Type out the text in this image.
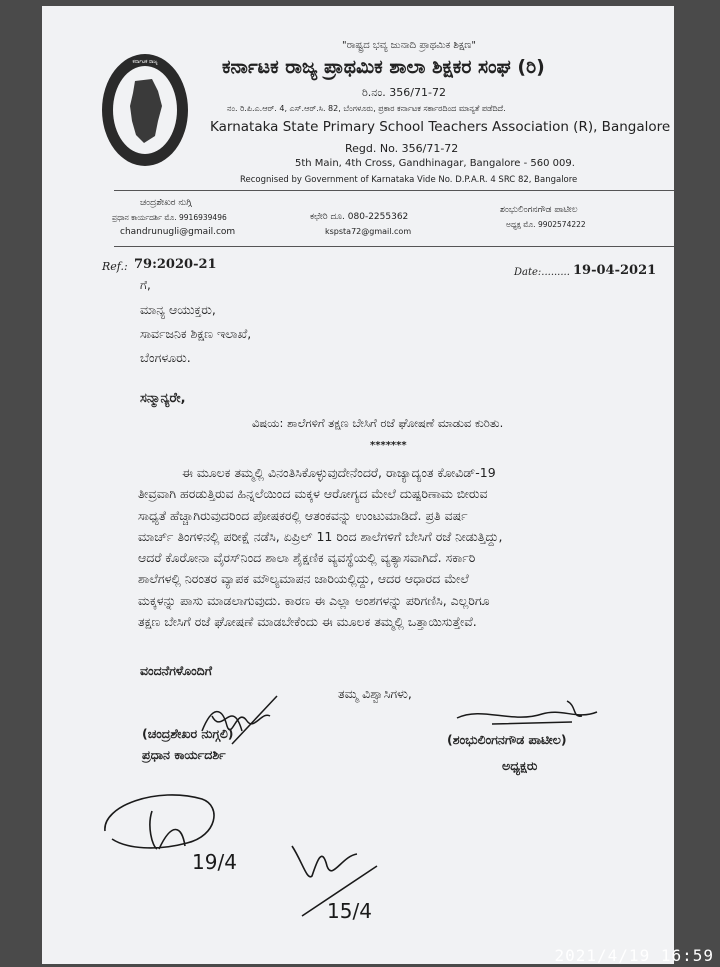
ಕರ್ನಾಟಕ ರಾಜ್ಯ
"ರಾಷ್ಟ್ರದ ಭವ್ಯ ಜುನಾದಿ ಪ್ರಾಥಮಿಕ ಶಿಕ್ಷಣ"
ಕರ್ನಾಟಕ ರಾಜ್ಯ ಪ್ರಾಥಮಿಕ ಶಾಲಾ ಶಿಕ್ಷಕರ ಸಂಘ (ರಿ)
ರಿ.ನಂ. 356/71-72
ನಂ. ರಿ.ಪಿ.ಎ.ಆರ್. 4, ಎಸ್.ಆರ್.ಸಿ. 82, ಬೆಂಗಳೂರು, ಪ್ರಕಾರ ಕರ್ನಾಟಕ ಸರ್ಕಾರದಿಂದ ಮಾನ್ಯತೆ ಪಡೆದಿದೆ.
Karnataka State Primary School Teachers Association (R), Bangalore
Regd. No. 356/71-72
5th Main, 4th Cross, Gandhinagar, Bangalore - 560 009.
Recognised by Government of Karnataka Vide No. D.P.A.R. 4 SRC 82, Bangalore
ಚಂದ್ರಶೇಖರ ನುಗ್ಗಿ
ಪ್ರಧಾನ ಕಾರ್ಯದರ್ಶಿ ಮೊ. 9916939496
chandrunugli@gmail.com
ಕಛೇರಿ ದೂ. 080-2255362
kspsta72@gmail.com
ಶಂಭುಲಿಂಗನಗೌಡ ಪಾಟೀಲ
ಅಧ್ಯಕ್ಷ ಮೊ. 9902574222
Ref.: 79:2020-21
Date:......... 19-04-2021
ಗೆ,
ಮಾನ್ಯ ಆಯುಕ್ತರು,
ಸಾರ್ವಜನಿಕ ಶಿಕ್ಷಣ ಇಲಾಖೆ,
ಬೆಂಗಳೂರು.
ಸನ್ಮಾನ್ಯರೇ,
ವಿಷಯ: ಶಾಲೆಗಳಿಗೆ ತಕ್ಷಣ ಬೇಸಿಗೆ ರಜೆ ಘೋಷಣೆ ಮಾಡುವ ಕುರಿತು.
*******
ಈ ಮೂಲಕ ತಮ್ಮಲ್ಲಿ ವಿನಂತಿಸಿಕೊಳ್ಳುವುದೇನೆಂದರೆ, ರಾಜ್ಯಾದ್ಯಂತ ಕೋವಿಡ್-19
ತೀವ್ರವಾಗಿ ಹರಡುತ್ತಿರುವ ಹಿನ್ನಲೆಯಿಂದ ಮಕ್ಕಳ ಆರೋಗ್ಯದ ಮೇಲೆ ದುಷ್ಪರಿಣಾಮ ಬೀರುವ
ಸಾಧ್ಯತೆ ಹೆಚ್ಚಾಗಿರುವುದರಿಂದ ಪೋಷಕರಲ್ಲಿ ಆತಂಕವನ್ನು ಉಂಟುಮಾಡಿದೆ. ಪ್ರತಿ ವರ್ಷ
ಮಾರ್ಚ್ ತಿಂಗಳಿನಲ್ಲಿ ಪರೀಕ್ಷೆ ನಡೆಸಿ, ಏಪ್ರಿಲ್ 11 ರಿಂದ ಶಾಲೆಗಳಿಗೆ ಬೇಸಿಗೆ ರಜೆ ನೀಡುತ್ತಿದ್ದು,
ಆದರೆ ಕೊರೋನಾ ವೈರಸ್‌ನಿಂದ ಶಾಲಾ ಶೈಕ್ಷಣಿಕ ವ್ಯವಸ್ಥೆಯಲ್ಲಿ ವ್ಯತ್ಯಾಸವಾಗಿದೆ. ಸರ್ಕಾರಿ
ಶಾಲೆಗಳಲ್ಲಿ ನಿರಂತರ ವ್ಯಾಪಕ ಮೌಲ್ಯಮಾಪನ ಜಾರಿಯಲ್ಲಿದ್ದು, ಆದರ ಆಧಾರದ ಮೇಲೆ
ಮಕ್ಕಳನ್ನು ಪಾಸು ಮಾಡಲಾಗುವುದು. ಕಾರಣ ಈ ಎಲ್ಲಾ ಅಂಶಗಳನ್ನು ಪರಿಗಣಿಸಿ, ಎಲ್ಲರಿಗೂ
ತಕ್ಷಣ ಬೇಸಿಗೆ ರಜೆ ಘೋಷಣೆ ಮಾಡಬೇಕೆಂದು ಈ ಮೂಲಕ ತಮ್ಮಲ್ಲಿ ಒತ್ತಾಯಿಸುತ್ತೇವೆ.
ವಂದನೆಗಳೊಂದಿಗೆ
ತಮ್ಮ ವಿಶ್ವಾಸಿಗಳು,
(ಚಂದ್ರಶೇಖರ ನುಗ್ಗಲಿ)
ಪ್ರಧಾನ ಕಾರ್ಯದರ್ಶಿ
(ಶಂಭುಲಿಂಗನಗೌಡ ಪಾಟೀಲ)
ಅಧ್ಯಕ್ಷರು
19/4
15/4
2021/4/19 16:59
